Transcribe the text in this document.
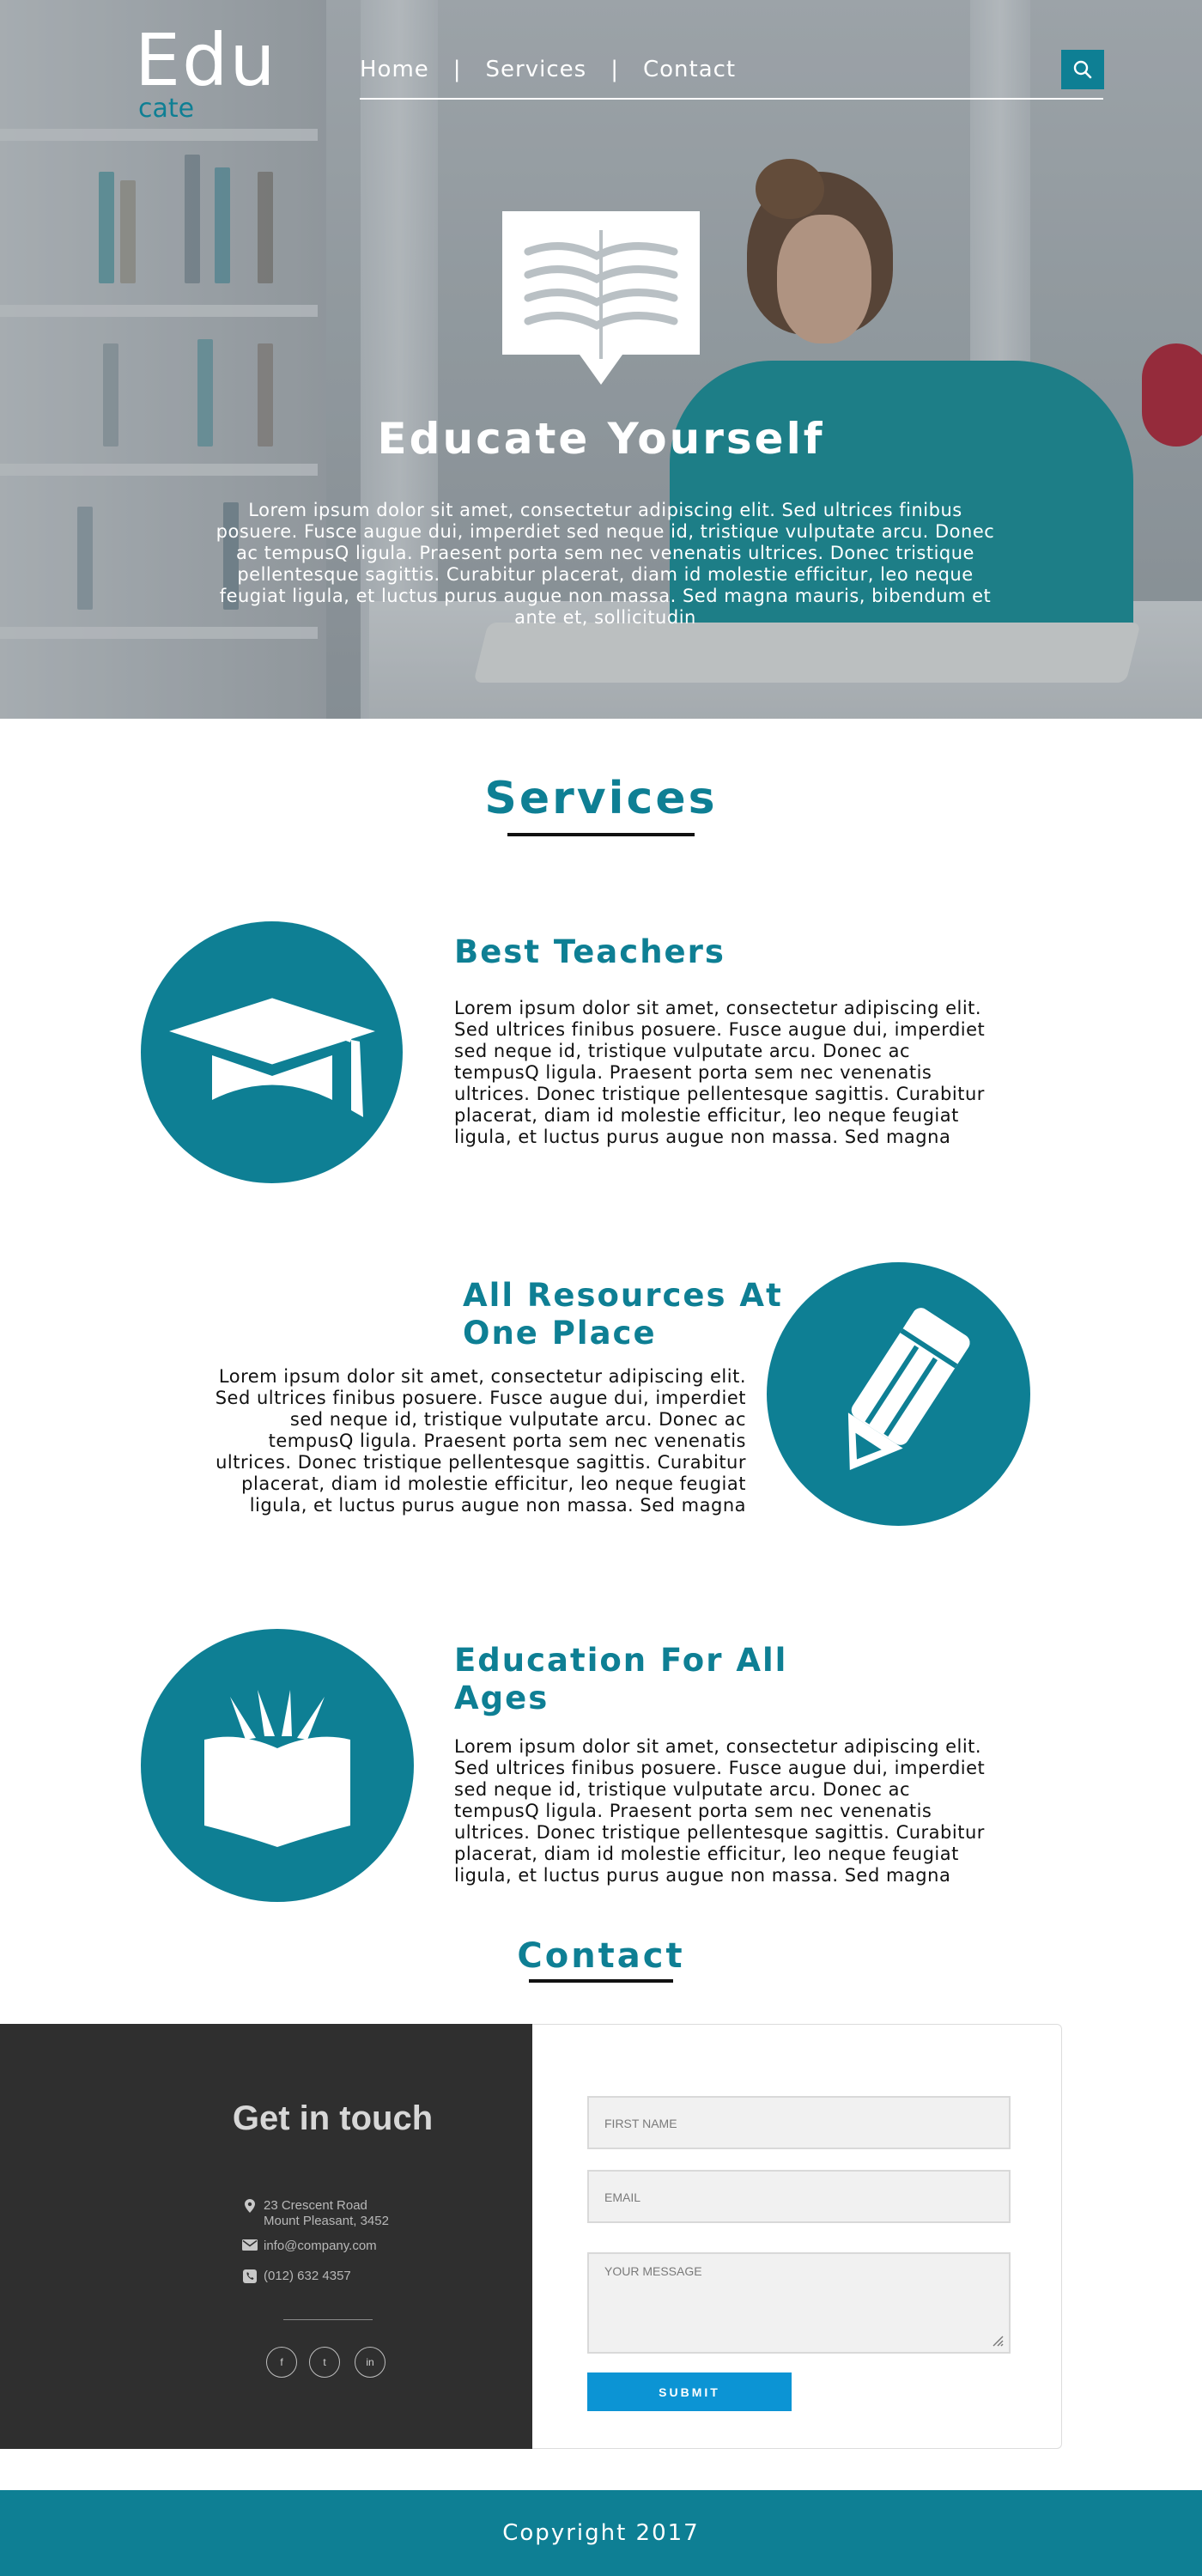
Edu
cate
Home | Services | Contact
Educate Yourself

Lorem ipsum dolor sit amet, consectetur adipiscing elit. Sed ultrices finibus posuere. Fusce augue dui, imperdiet sed neque id, tristique vulputate arcu. Donec ac tempusQ ligula. Praesent porta sem nec venenatis ultrices. Donec tristique pellentesque sagittis. Curabitur placerat, diam id molestie efficitur, leo neque feugiat ligula, et luctus purus augue non massa. Sed magna mauris, bibendum et ante et, sollicitudin

Services
Best Teachers
Lorem ipsum dolor sit amet, consectetur adipiscing elit.
Sed ultrices finibus posuere. Fusce augue dui, imperdiet
sed neque id, tristique vulputate arcu. Donec ac
tempusQ ligula. Praesent porta sem nec venenatis
ultrices. Donec tristique pellentesque sagittis. Curabitur
placerat, diam id molestie efficitur, leo neque feugiat
ligula, et luctus purus augue non massa. Sed magna
All Resources At
One Place
Lorem ipsum dolor sit amet, consectetur adipiscing elit.
Sed ultrices finibus posuere. Fusce augue dui, imperdiet
sed neque id, tristique vulputate arcu. Donec ac
tempusQ ligula. Praesent porta sem nec venenatis
ultrices. Donec tristique pellentesque sagittis. Curabitur
placerat, diam id molestie efficitur, leo neque feugiat
ligula, et luctus purus augue non massa. Sed magna
Education For All
Ages
Lorem ipsum dolor sit amet, consectetur adipiscing elit.
Sed ultrices finibus posuere. Fusce augue dui, imperdiet
sed neque id, tristique vulputate arcu. Donec ac
tempusQ ligula. Praesent porta sem nec venenatis
ultrices. Donec tristique pellentesque sagittis. Curabitur
placerat, diam id molestie efficitur, leo neque feugiat
ligula, et luctus purus augue non massa. Sed magna
Contact
Get in touch
23 Crescent Road
Mount Pleasant, 3452
info@company.com
(012) 632 4357
f	t	in
FIRST NAME
EMAIL
YOUR MESSAGE
SUBMIT
Copyright 2017
